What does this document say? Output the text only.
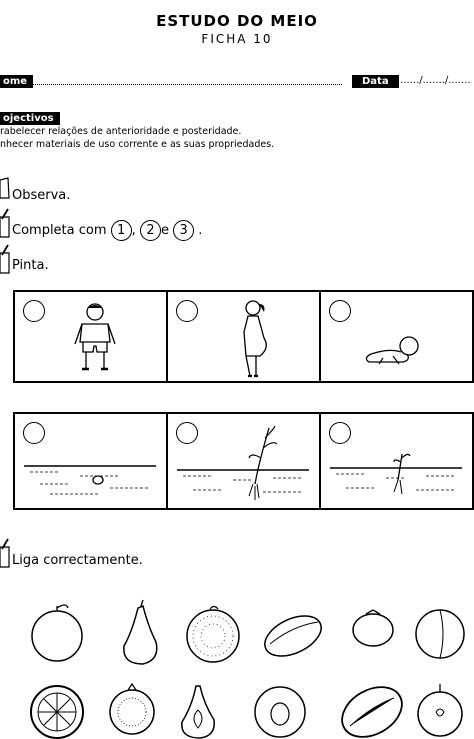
ESTUDO DO MEIO
FICHA 10
ome	Data ......./......./.......
ojectivos
rabelecer relações de anterioridade e posteridade.
nhecer materiais de uso corrente e as suas propriedades.
Observa.
Completa com 1 , 2 e 3 .
Pinta.
Liga correctamente.
